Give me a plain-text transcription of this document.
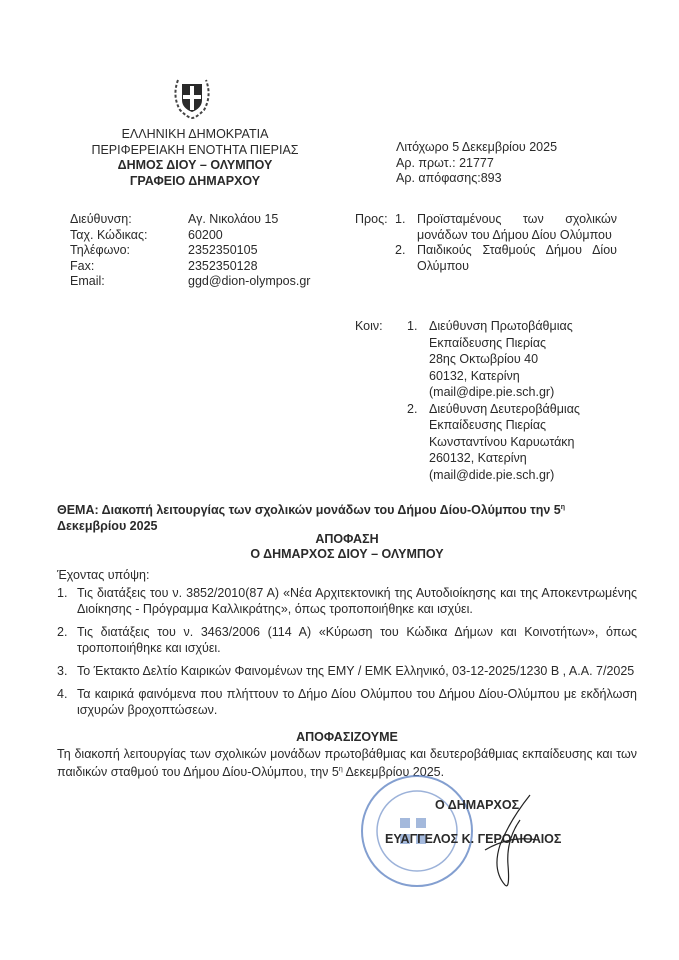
ΕΛΛΗΝΙΚΗ ΔΗΜΟΚΡΑΤΙΑ
ΠΕΡΙΦΕΡΕΙΑΚΗ ΕΝΟΤΗΤΑ ΠΙΕΡΙΑΣ
ΔΗΜΟΣ ΔΙΟΥ – ΟΛΥΜΠΟΥ
ΓΡΑΦΕΙΟ ΔΗΜΑΡΧΟΥ
Λιτόχωρο 5 Δεκεμβρίου 2025
Αρ. πρωτ.: 21777
Αρ. απόφασης:893
Διεύθυνση:	Αγ. Νικολάου 15
Ταχ. Κώδικας:	60200
Τηλέφωνο:	2352350105
Fax:	2352350128
Email:	ggd@dion-olympos.gr
Προς: 1. Προϊσταμένους των σχολικών μονάδων του Δήμου Δίου Ολύμπου
2. Παιδικούς Σταθμούς Δήμου Δίου Ολύμπου
Κοιν:	1. Διεύθυνση Πρωτοβάθμιας
Εκπαίδευσης Πιερίας
28ης Οκτωβρίου 40
60132, Κατερίνη
(mail@dipe.pie.sch.gr)
2. Διεύθυνση Δευτεροβάθμιας
Εκπαίδευσης Πιερίας
Κωνσταντίνου Καρυωτάκη
260132, Κατερίνη
(mail@dide.pie.sch.gr)
ΘΕΜΑ: Διακοπή λειτουργίας των σχολικών μονάδων του Δήμου Δίου-Ολύμπου την $5^\eta$ Δεκεμβρίου 2025
ΑΠΟΦΑΣΗ
Ο ΔΗΜΑΡΧΟΣ ΔΙΟΥ – ΟΛΥΜΠΟΥ
Έχοντας υπόψη:
1. Τις διατάξεις του ν. 3852/2010(87 Α) «Νέα Αρχιτεκτονική της Αυτοδιοίκησης και της Αποκεντρωμένης Διοίκησης - Πρόγραμμα Καλλικράτης», όπως τροποποιήθηκε και ισχύει.
2. Τις διατάξεις του ν. 3463/2006 (114 Α) «Κύρωση του Κώδικα Δήμων και Κοινοτήτων», όπως τροποποιήθηκε και ισχύει.
3. Το Έκτακτο Δελτίο Καιρικών Φαινομένων της ΕΜΥ / ΕΜΚ Ελληνικό, 03-12-2025/1230 Β , Α.Α. 7/2025
4. Τα καιρικά φαινόμενα που πλήττουν το Δήμο Δίου Ολύμπου του Δήμου Δίου-Ολύμπου με εκδήλωση ισχυρών βροχοπτώσεων.
ΑΠΟΦΑΣΙΖΟΥΜΕ
Τη διακοπή λειτουργίας των σχολικών μονάδων πρωτοβάθμιας και δευτεροβάθμιας εκπαίδευσης και των παιδικών σταθμού του Δήμου Δίου-Ολύμπου, την $5^\eta$ Δεκεμβρίου 2025.
Ο ΔΗΜΑΡΧΟΣ
ΕΥΑΓΓΕΛΟΣ Κ. ΓΕΡΟΛΙΟΛΙΟΣ
